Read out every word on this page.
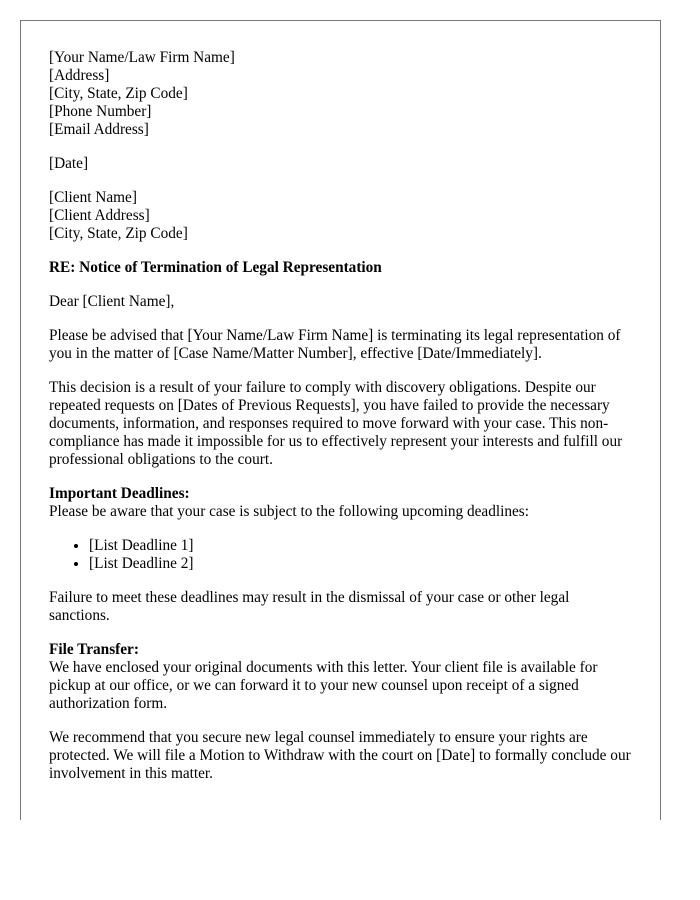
[Your Name/Law Firm Name]
[Address]
[City, State, Zip Code]
[Phone Number]
[Email Address]

[Date]

[Client Name]
[Client Address]
[City, State, Zip Code]

RE: Notice of Termination of Legal Representation

Dear [Client Name],

Please be advised that [Your Name/Law Firm Name] is terminating its legal representation of you in the matter of [Case Name/Matter Number], effective [Date/Immediately].

This decision is a result of your failure to comply with discovery obligations. Despite our repeated requests on [Dates of Previous Requests], you have failed to provide the necessary documents, information, and responses required to move forward with your case. This non-compliance has made it impossible for us to effectively represent your interests and fulfill our professional obligations to the court.

Important Deadlines:
Please be aware that your case is subject to the following upcoming deadlines:
• [List Deadline 1]
• [List Deadline 2]

Failure to meet these deadlines may result in the dismissal of your case or other legal sanctions.

File Transfer:
We have enclosed your original documents with this letter. Your client file is available for pickup at our office, or we can forward it to your new counsel upon receipt of a signed authorization form.

We recommend that you secure new legal counsel immediately to ensure your rights are protected. We will file a Motion to Withdraw with the court on [Date] to formally conclude our involvement in this matter.
